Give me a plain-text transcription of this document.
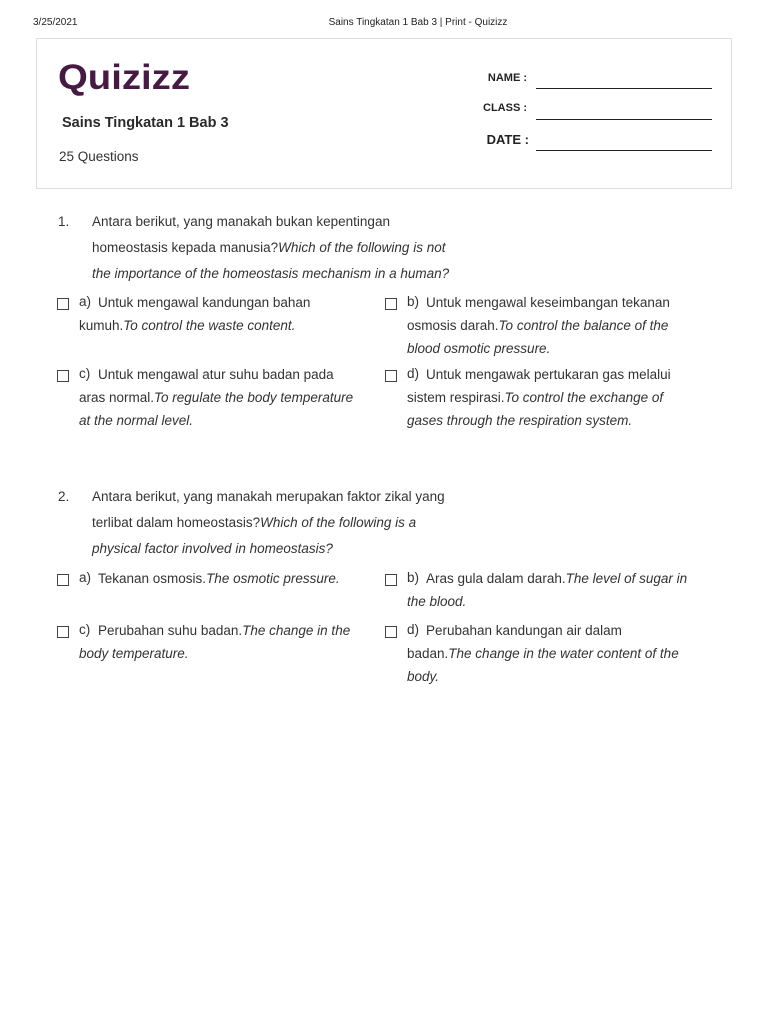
3/25/2021	Sains Tingkatan 1 Bab 3 | Print - Quizizz
Quizizz
Sains Tingkatan 1 Bab 3
25 Questions
NAME :
CLASS :
DATE :
1. Antara berikut, yang manakah bukan kepentingan homeostasis kepada manusia?Which of the following is not the importance of the homeostasis mechanism in a human?
a) Untuk mengawal kandungan bahan kumuh.To control the waste content.
b) Untuk mengawal keseimbangan tekanan osmosis darah.To control the balance of the blood osmotic pressure.
c) Untuk mengawal atur suhu badan pada aras normal.To regulate the body temperature at the normal level.
d) Untuk mengawak pertukaran gas melalui sistem respirasi.To control the exchange of gases through the respiration system.
2. Antara berikut, yang manakah merupakan faktor zikal yang terlibat dalam homeostasis?Which of the following is a physical factor involved in homeostasis?
a) Tekanan osmosis.The osmotic pressure.	b) Aras gula dalam darah.The level of sugar in the blood.
c) Perubahan suhu badan.The change in the body temperature.
d) Perubahan kandungan air dalam badan.The change in the water content of the body.
